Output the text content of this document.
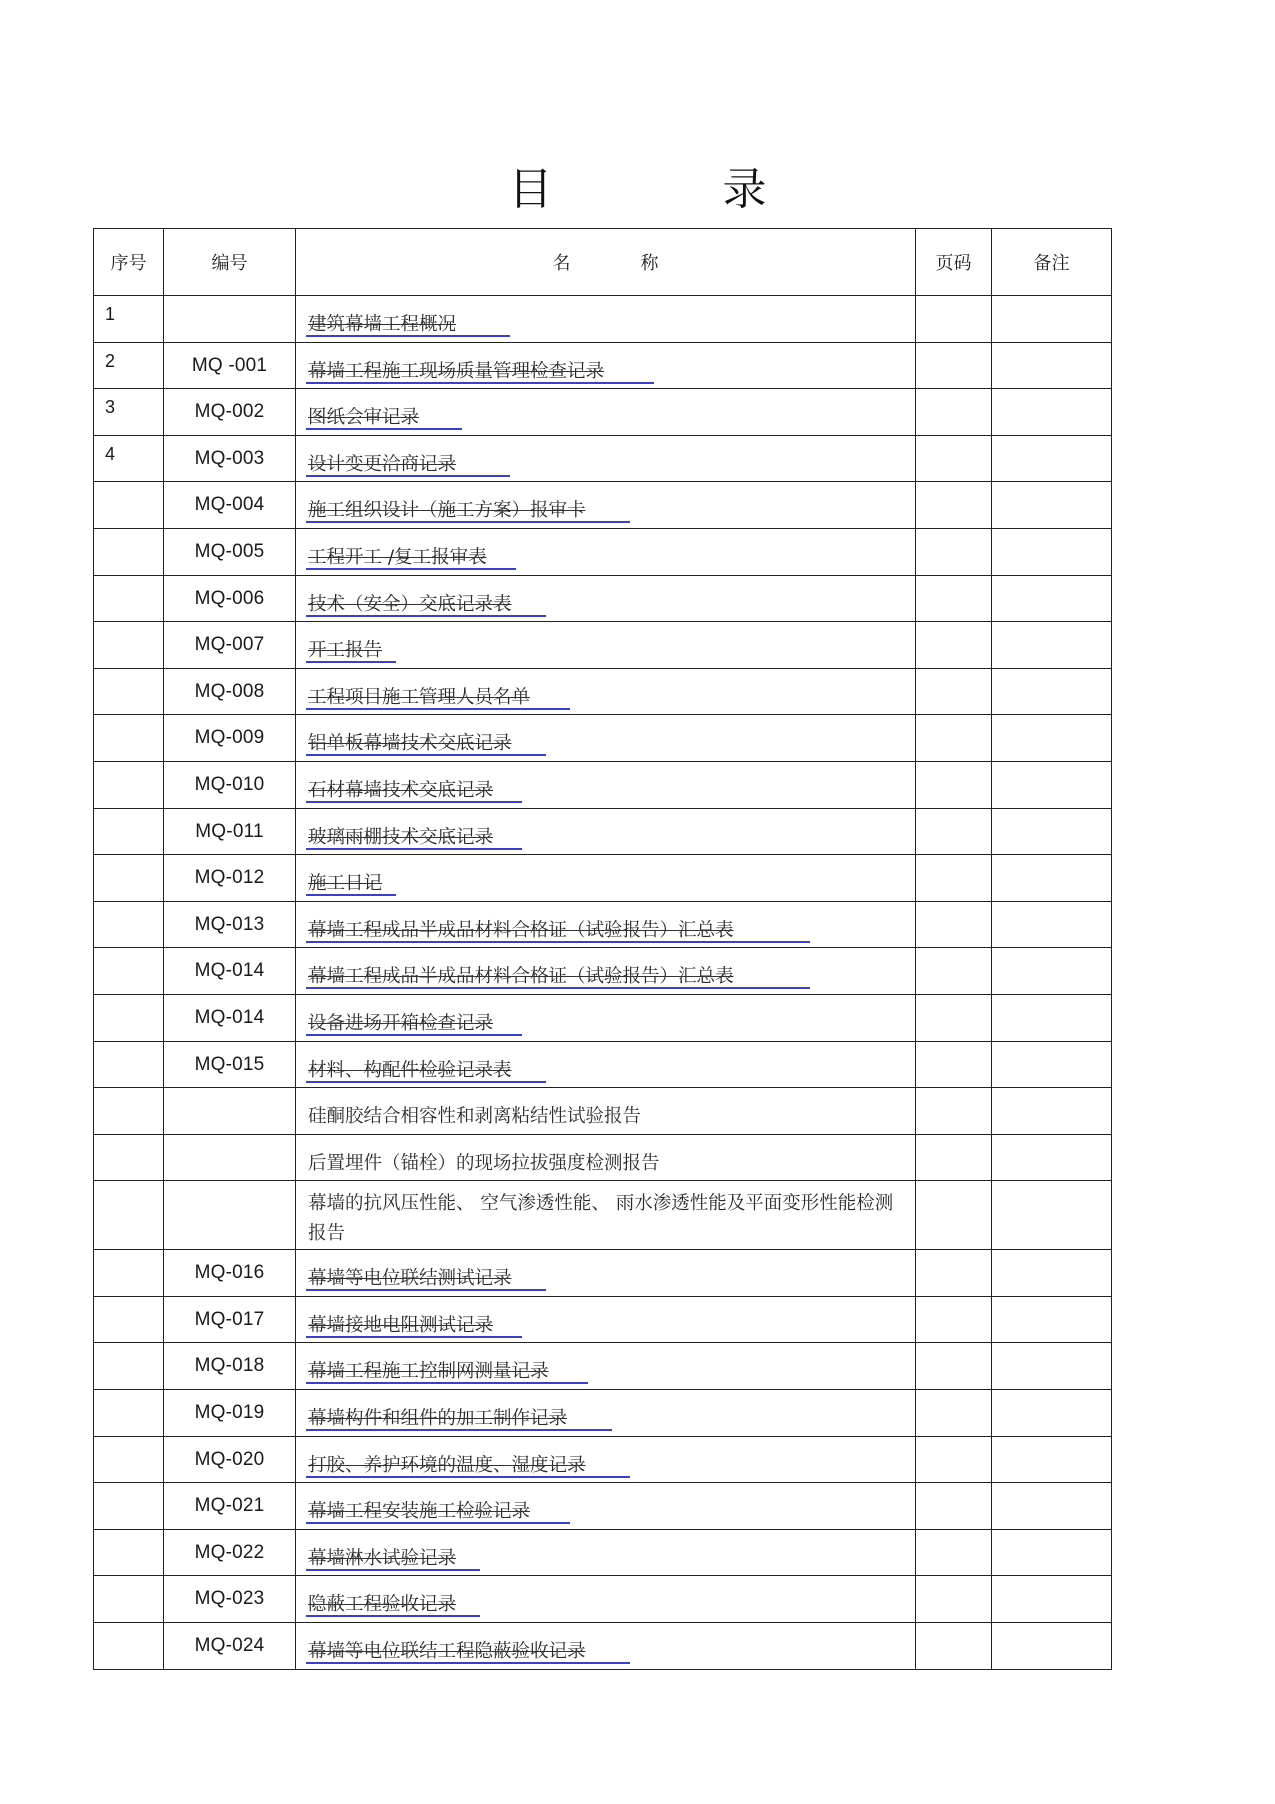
目	录
序号	编号	名 称	页码	备注
1		建筑幕墙工程概况

2	MQ -001	幕墙工程施工现场质量管理检查记录

3	MQ-002	图纸会审记录

4	MQ-003	设计变更洽商记录

	MQ-004	施工组织设计（施工方案）报审卡

	MQ-005	工程开工 /复工报审表

	MQ-006	技术（安全）交底记录表

	MQ-007	开工报告

	MQ-008	工程项目施工管理人员名单

	MQ-009	铝单板幕墙技术交底记录

	MQ-010	石材幕墙技术交底记录

	MQ-011	玻璃雨棚技术交底记录

	MQ-012	施工日记

	MQ-013	幕墙工程成品半成品材料合格证（试验报告）汇总表

	MQ-014	幕墙工程成品半成品材料合格证（试验报告）汇总表

	MQ-014	设备进场开箱检查记录

	MQ-015	材料、构配件检验记录表

		硅酮胶结合相容性和剥离粘结性试验报告		
		后置埋件（锚栓）的现场拉拔强度检测报告		

		幕墙的抗风压性能、 空气渗透性能、 雨水渗透性能及平面变形性能检测报告		

	MQ-016	幕墙等电位联结测试记录

	MQ-017	幕墙接地电阻测试记录

	MQ-018	幕墙工程施工控制网测量记录

	MQ-019	幕墙构件和组件的加工制作记录

	MQ-020	打胶、养护环境的温度、湿度记录

	MQ-021	幕墙工程安装施工检验记录

	MQ-022	幕墙淋水试验记录

	MQ-023	隐蔽工程验收记录

	MQ-024	幕墙等电位联结工程隐蔽验收记录
